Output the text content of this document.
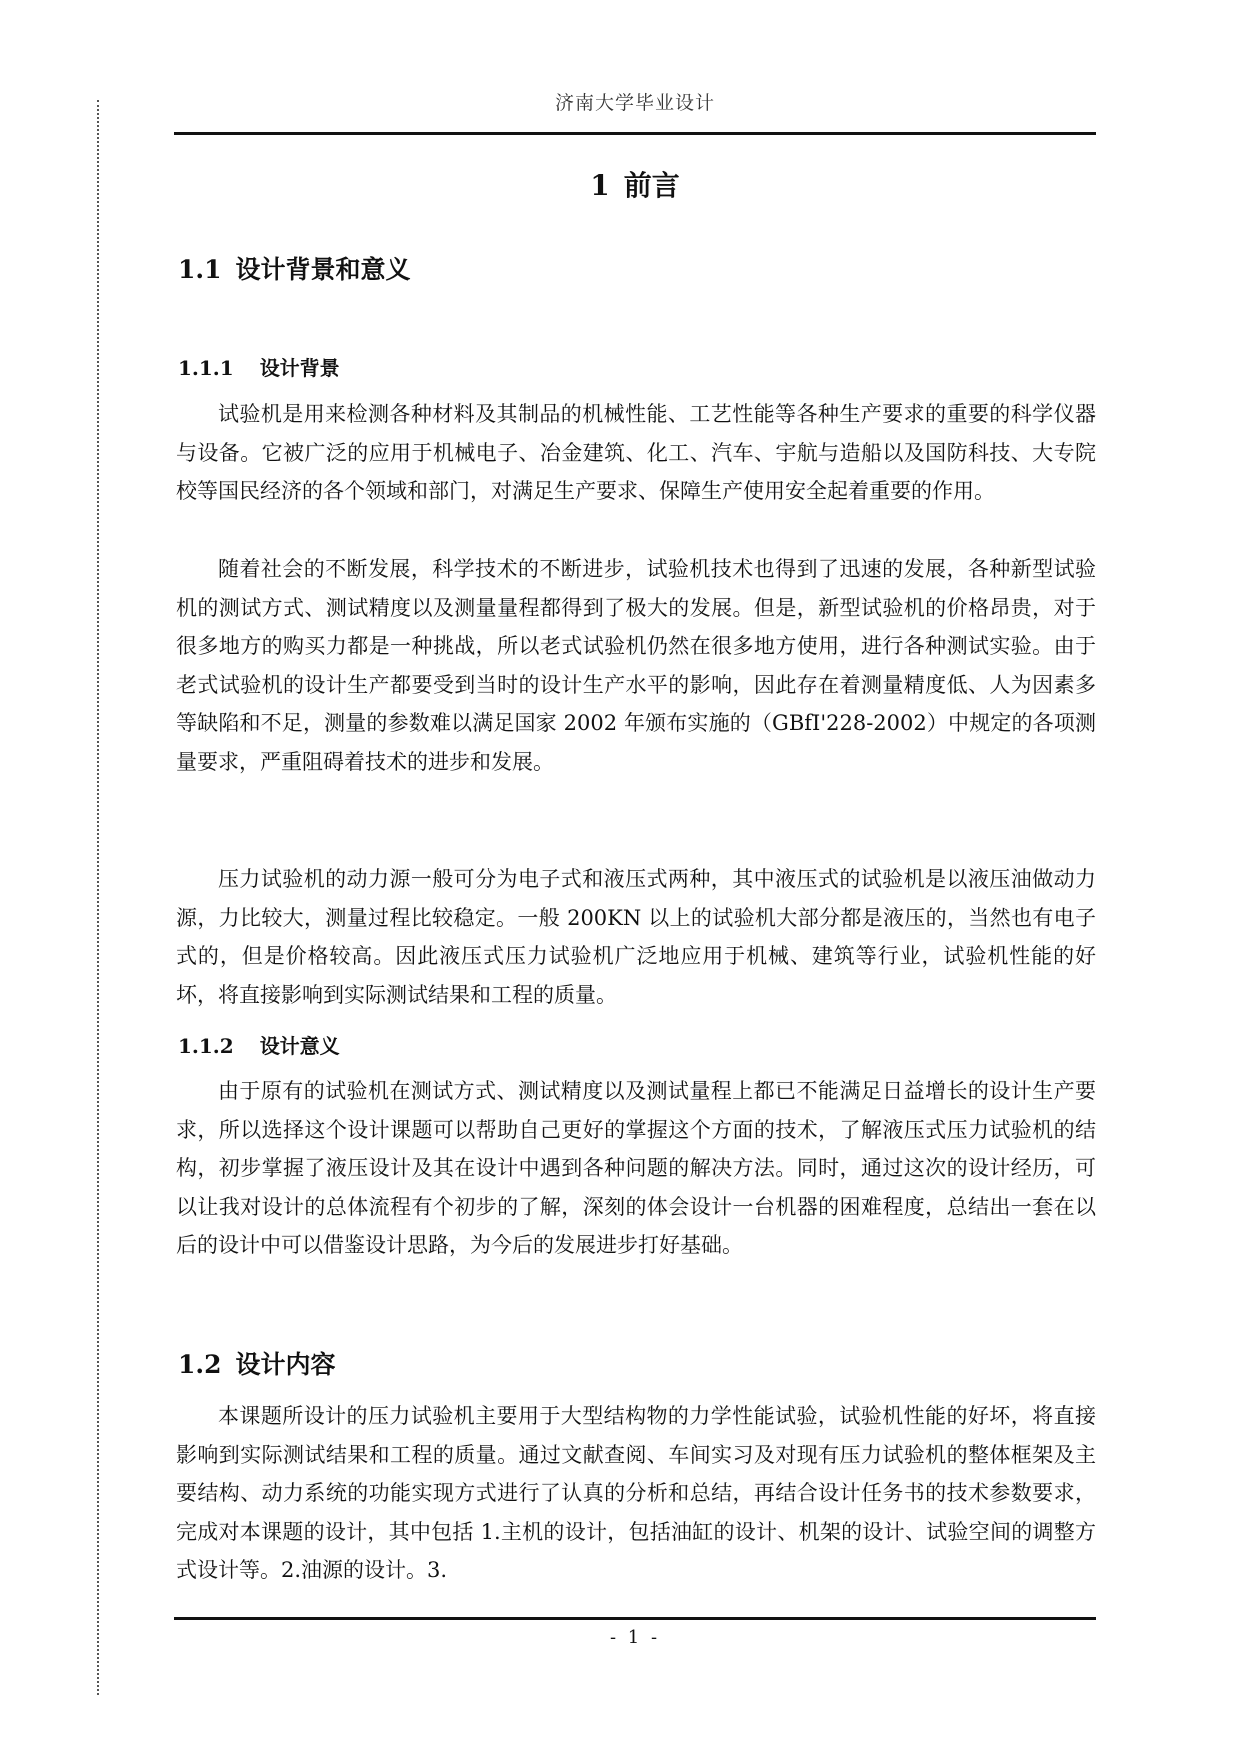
济南大学毕业设计
1 前言
1.1 设计背景和意义
1.1.1 设计背景

试验机是用来检测各种材料及其制品的机械性能、工艺性能等各种生产要求的重要的科学仪器与设备。它被广泛的应用于机械电子、冶金建筑、化工、汽车、宇航与造船以及国防科技、大专院校等国民经济的各个领域和部门，对满足生产要求、保障生产使用安全起着重要的作用。

随着社会的不断发展，科学技术的不断进步，试验机技术也得到了迅速的发展，各种新型试验机的测试方式、测试精度以及测量量程都得到了极大的发展。但是，新型试验机的价格昂贵，对于很多地方的购买力都是一种挑战，所以老式试验机仍然在很多地方使用，进行各种测试实验。由于老式试验机的设计生产都要受到当时的设计生产水平的影响，因此存在着测量精度低、人为因素多等缺陷和不足，测量的参数难以满足国家 2002 年颁布实施的（GBfI'228-2002）中规定的各项测量要求，严重阻碍着技术的进步和发展。

压力试验机的动力源一般可分为电子式和液压式两种，其中液压式的试验机是以液压油做动力源，力比较大，测量过程比较稳定。一般 200KN 以上的试验机大部分都是液压的，当然也有电子式的，但是价格较高。因此液压式压力试验机广泛地应用于机械、建筑等行业，试验机性能的好坏，将直接影响到实际测试结果和工程的质量。

1.1.2 设计意义

由于原有的试验机在测试方式、测试精度以及测试量程上都已不能满足日益增长的设计生产要求，所以选择这个设计课题可以帮助自己更好的掌握这个方面的技术，了解液压式压力试验机的结构，初步掌握了液压设计及其在设计中遇到各种问题的解决方法。同时，通过这次的设计经历，可以让我对设计的总体流程有个初步的了解，深刻的体会设计一台机器的困难程度，总结出一套在以后的设计中可以借鉴设计思路，为今后的发展进步打好基础。

1.2 设计内容

本课题所设计的压力试验机主要用于大型结构物的力学性能试验，试验机性能的好坏，将直接影响到实际测试结果和工程的质量。通过文献查阅、车间实习及对现有压力试验机的整体框架及主要结构、动力系统的功能实现方式进行了认真的分析和总结，再结合设计任务书的技术参数要求，完成对本课题的设计，其中包括 1.主机的设计，包括油缸的设计、机架的设计、试验空间的调整方式设计等。2.油源的设计。3.

- 1 -
